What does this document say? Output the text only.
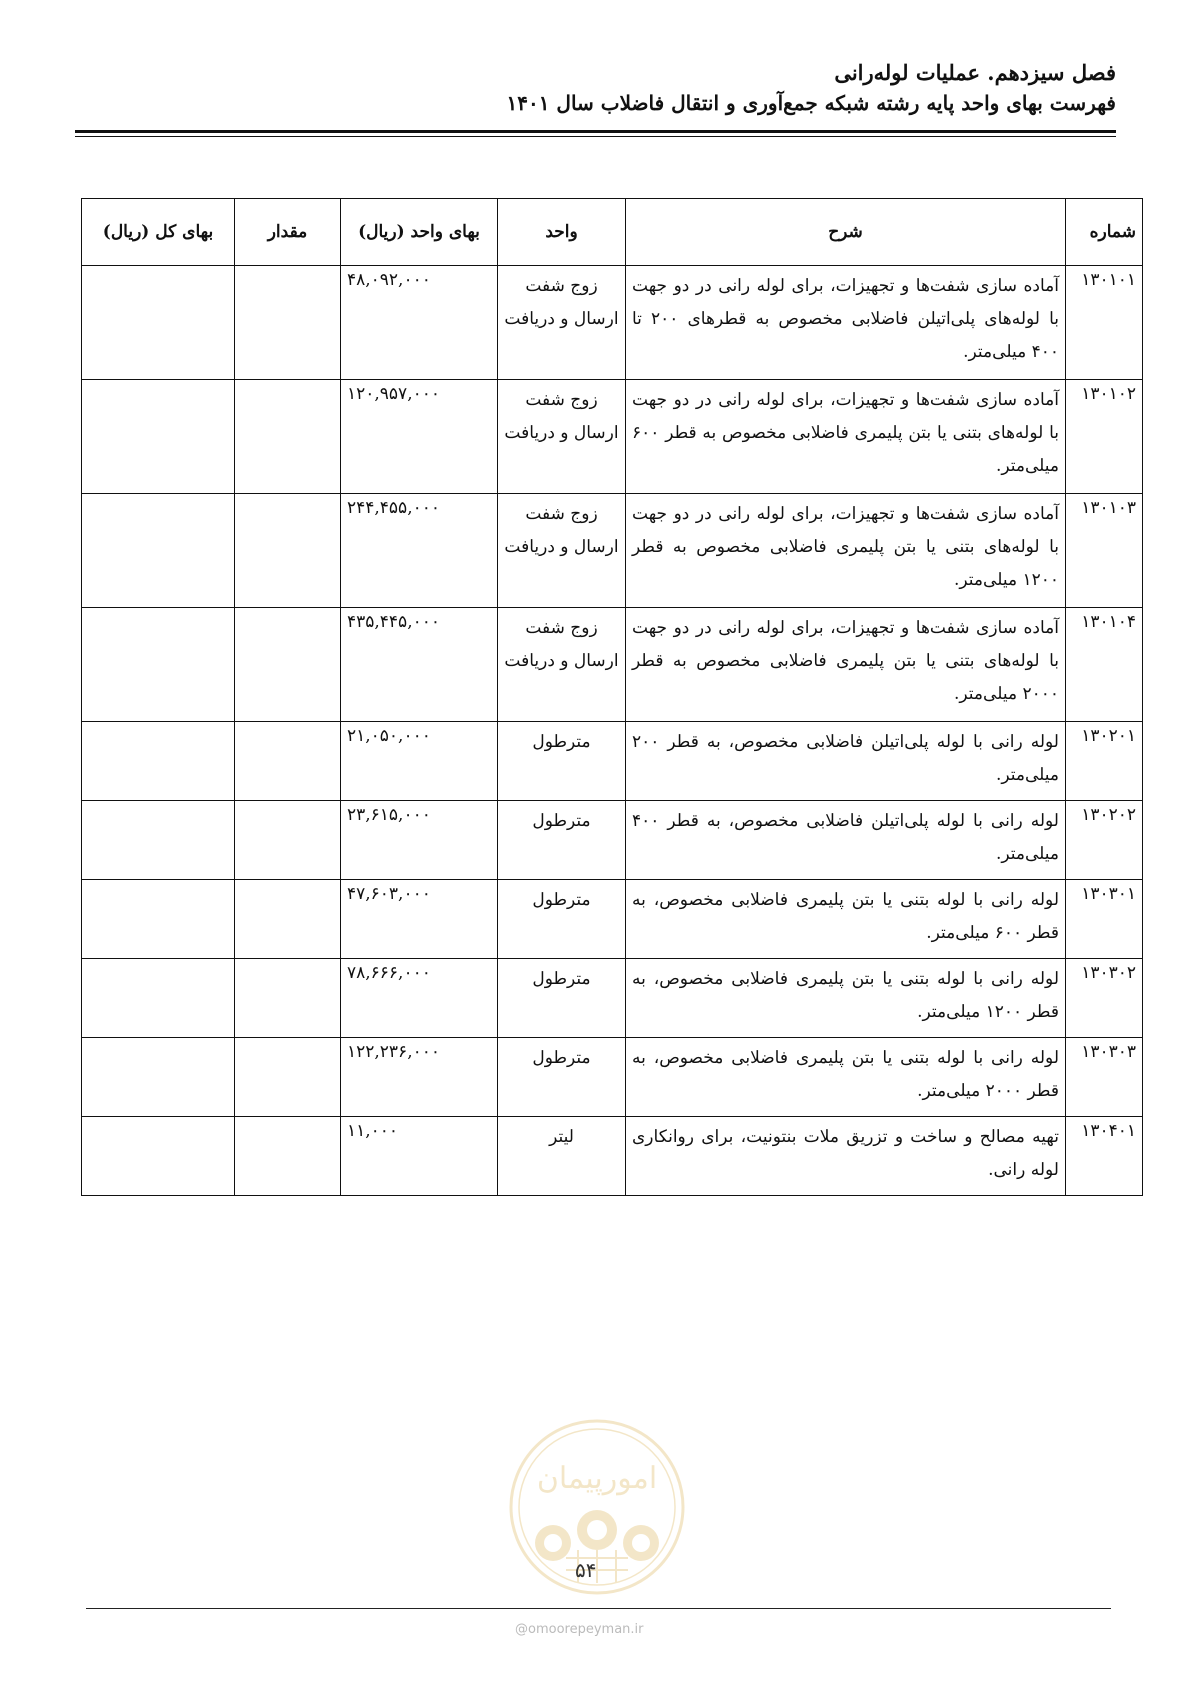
فصل سیزدهم. عملیات لوله‌رانی
فهرست بهای واحد پایه رشته شبکه جمع‌آوری و انتقال فاضلاب سال ۱۴۰۱
شماره	شرح	واحد	بهای واحد (ریال)	مقدار	بهای کل (ریال)
۱۳۰۱۰۱	آماده سازی شفت‌ها و تجهیزات، برای لوله رانی در دو جهت با لوله‌های پلی‌اتیلن فاضلابی مخصوص به قطرهای ۲۰۰ تا ۴۰۰ میلی‌متر.	زوج شفت ارسال و دریافت	۴۸,۰۹۲,۰۰۰		
۱۳۰۱۰۲	آماده سازی شفت‌ها و تجهیزات، برای لوله رانی در دو جهت با لوله‌های بتنی یا بتن پلیمری فاضلابی مخصوص به قطر ۶۰۰ میلی‌متر.	زوج شفت ارسال و دریافت	۱۲۰,۹۵۷,۰۰۰		
۱۳۰۱۰۳	آماده سازی شفت‌ها و تجهیزات، برای لوله رانی در دو جهت با لوله‌های بتنی یا بتن پلیمری فاضلابی مخصوص به قطر ۱۲۰۰ میلی‌متر.	زوج شفت ارسال و دریافت	۲۴۴,۴۵۵,۰۰۰		
۱۳۰۱۰۴	آماده سازی شفت‌ها و تجهیزات، برای لوله رانی در دو جهت با لوله‌های بتنی یا بتن پلیمری فاضلابی مخصوص به قطر ۲۰۰۰ میلی‌متر.	زوج شفت ارسال و دریافت	۴۳۵,۴۴۵,۰۰۰		
۱۳۰۲۰۱	لوله رانی با لوله پلی‌اتیلن فاضلابی مخصوص، به قطر ۲۰۰ میلی‌متر.	مترطول	۲۱,۰۵۰,۰۰۰		
۱۳۰۲۰۲	لوله رانی با لوله پلی‌اتیلن فاضلابی مخصوص، به قطر ۴۰۰ میلی‌متر.	مترطول	۲۳,۶۱۵,۰۰۰		
۱۳۰۳۰۱	لوله رانی با لوله بتنی یا بتن پلیمری فاضلابی مخصوص، به قطر ۶۰۰ میلی‌متر.	مترطول	۴۷,۶۰۳,۰۰۰		
۱۳۰۳۰۲	لوله رانی با لوله بتنی یا بتن پلیمری فاضلابی مخصوص، به قطر ۱۲۰۰ میلی‌متر.	مترطول	۷۸,۶۶۶,۰۰۰		
۱۳۰۳۰۳	لوله رانی با لوله بتنی یا بتن پلیمری فاضلابی مخصوص، به قطر ۲۰۰۰ میلی‌متر.	مترطول	۱۲۲,۲۳۶,۰۰۰		
۱۳۰۴۰۱	تهیه مصالح و ساخت و تزریق ملات بنتونیت، برای روانکاری لوله رانی.	لیتر	۱۱,۰۰۰		
امورپیمان
۵۴
@omoorepeyman.ir
